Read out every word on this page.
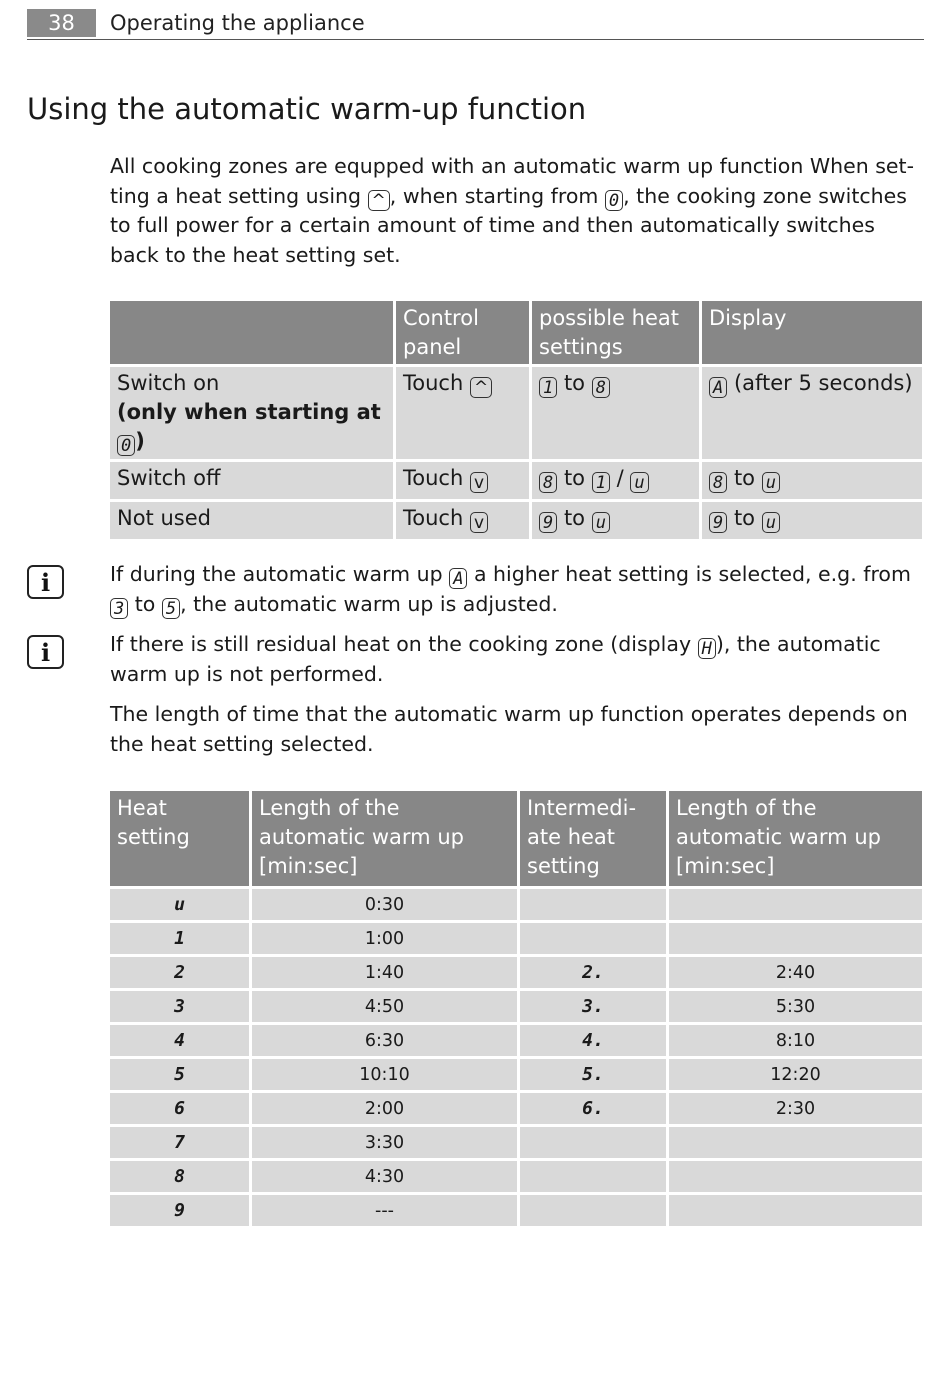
38	Operating the appliance
Using the automatic warm-up function

All cooking zones are equpped with an automatic warm up function When set-ting a heat setting using ^ , when starting from 0 , the cooking zone switches to full power for a certain amount of time and then automatically switches back to the heat setting set.

	Control panel	possible heat settings	Display
Switch on
(only when starting at
0 )	Touch ^	1 to 8	A (after 5 seconds)
Switch off	Touch v	8 to 1 / u	8 to u
Not used	Touch v	9 to u	9 to u
i	If during the automatic warm up A a higher heat setting is selected, e.g. from 3 to 5 , the automatic warm up is adjusted.

i	If there is still residual heat on the cooking zone (display H ), the automatic warm up is not performed.

The length of time that the automatic warm up function operates depends on the heat setting selected.

Heat setting	Length of the automatic warm up [min:sec]	Intermedi-ate heat setting	Length of the automatic warm up [min:sec]
u	0:30		
1	1:00		
2	1:40	2.	2:40
3	4:50	3.	5:30
4	6:30	4.	8:10
5	10:10	5.	12:20
6	2:00	6.	2:30
7	3:30		
8	4:30		
9	---		
